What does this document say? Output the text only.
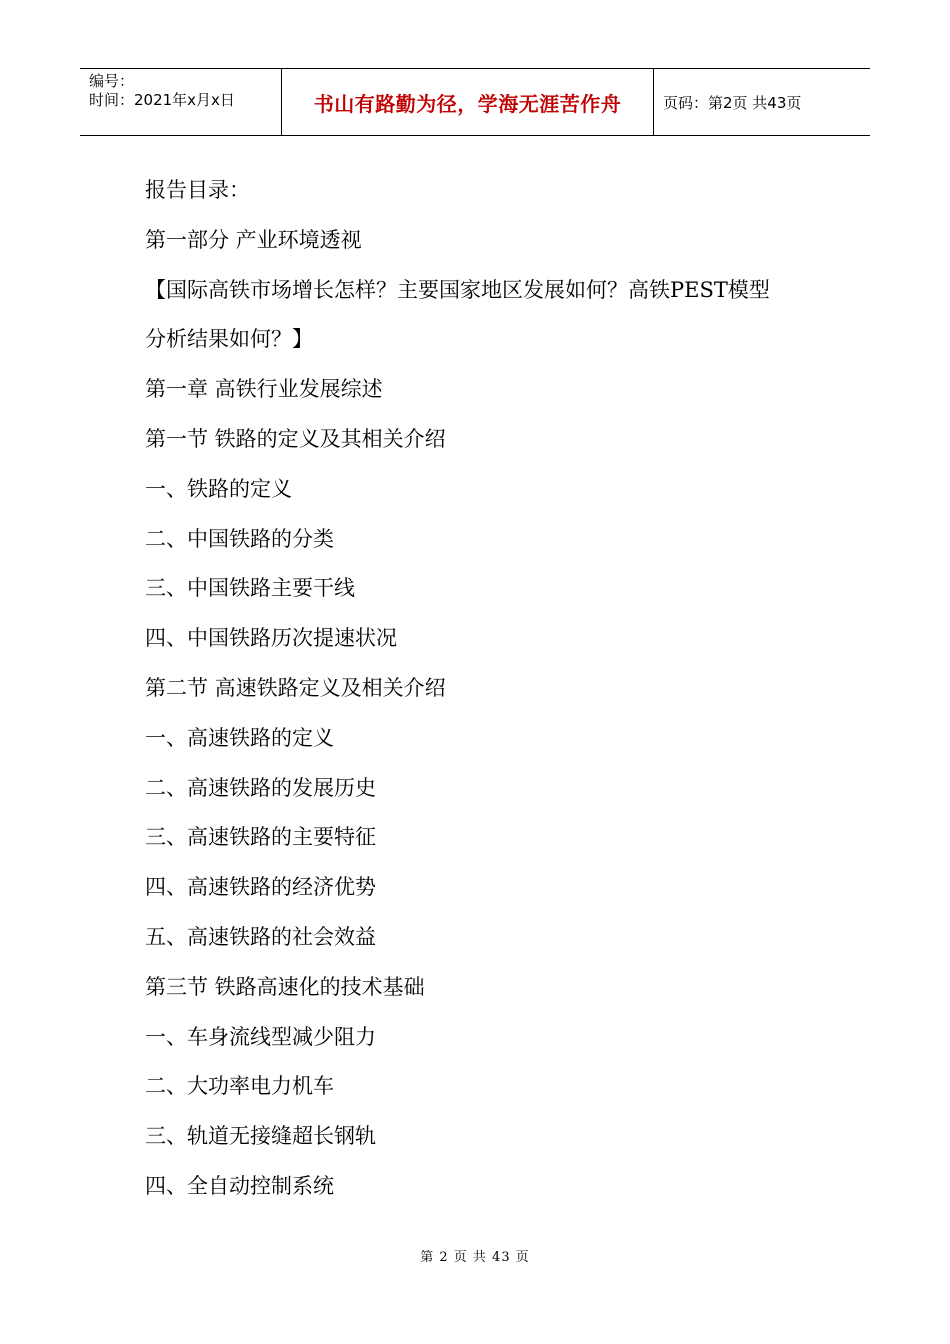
编号：
时间：2021年x月x日	书山有路勤为径，学海无涯苦作舟	页码：第2页 共43页
报告目录：
第一部分 产业环境透视
【国际高铁市场增长怎样？主要国家地区发展如何？高铁PEST模型
分析结果如何？】
第一章 高铁行业发展综述
第一节 铁路的定义及其相关介绍
一、铁路的定义
二、中国铁路的分类
三、中国铁路主要干线
四、中国铁路历次提速状况
第二节 高速铁路定义及相关介绍
一、高速铁路的定义
二、高速铁路的发展历史
三、高速铁路的主要特征
四、高速铁路的经济优势
五、高速铁路的社会效益
第三节 铁路高速化的技术基础
一、车身流线型减少阻力
二、大功率电力机车
三、轨道无接缝超长钢轨
四、全自动控制系统
第 2 页 共 43 页
